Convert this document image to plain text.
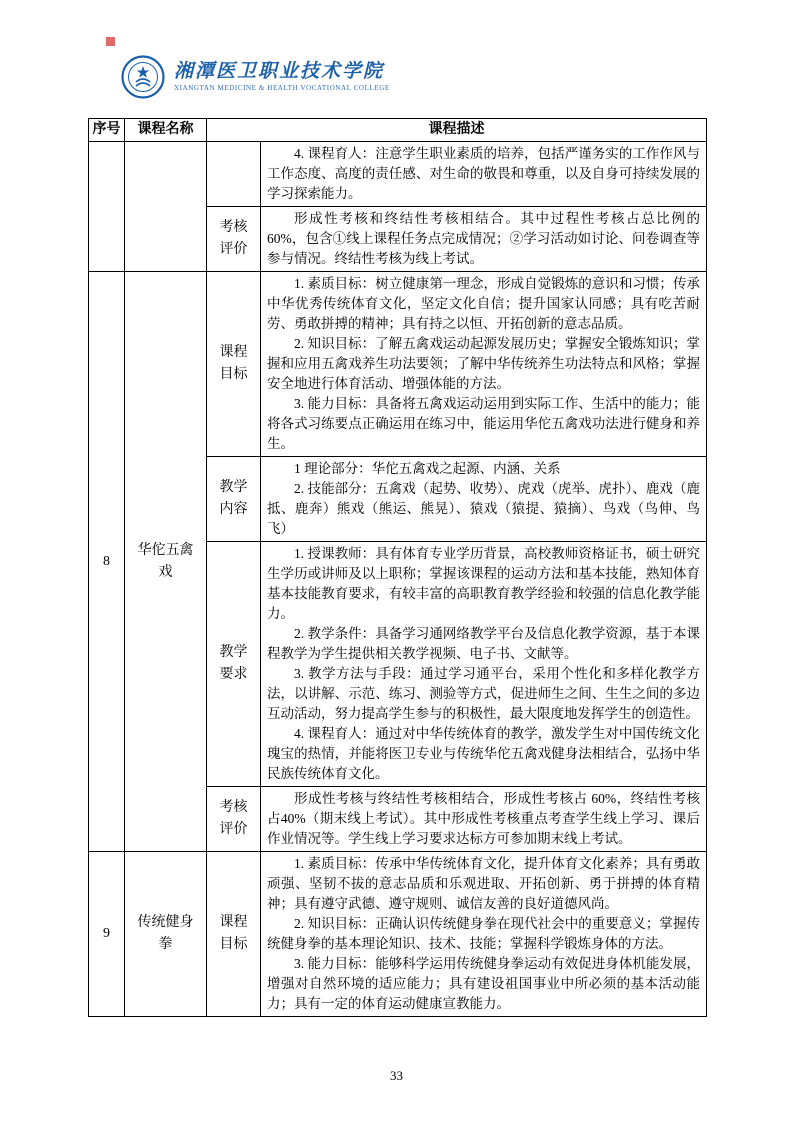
湘潭医卫职业技术学院
XIANGTAN MEDICINE & HEALTH VOCATIONAL COLLEGE
序号	课程名称	课程描述	

			4. 课程育人：注意学生职业素质的培养，包括严谨务实的工作作风与工作态度、高度的责任感、对生命的敬畏和尊重，以及自身可持续发展的学习探索能力。

		考核评价	形成性考核和终结性考核相结合。其中过程性考核占总比例的 60%，包含①线上课程任务点完成情况；②学习活动如讨论、问卷调查等参与情况。终结性考核为线上考试。

8	华佗五禽戏	课程目标	1. 素质目标：树立健康第一理念，形成自觉锻炼的意识和习惯；传承中华优秀传统体育文化，坚定文化自信；提升国家认同感；具有吃苦耐劳、勇敢拼搏的精神；具有持之以恒、开拓创新的意志品质。

2. 知识目标：了解五禽戏运动起源发展历史；掌握安全锻炼知识；掌握和应用五禽戏养生功法要领；了解中华传统养生功法特点和风格；掌握安全地进行体育活动、增强体能的方法。

3. 能力目标：具备将五禽戏运动运用到实际工作、生活中的能力；能将各式习练要点正确运用在练习中，能运用华佗五禽戏功法进行健身和养生。

		教学内容	1 理论部分：华佗五禽戏之起源、内涵、关系

2. 技能部分：五禽戏（起势、收势）、虎戏（虎举、虎扑）、鹿戏（鹿抵、鹿奔）熊戏（熊运、熊晃）、猿戏（猿提、猿摘）、鸟戏（鸟伸、鸟飞）

		教学要求	1. 授课教师：具有体育专业学历背景，高校教师资格证书，硕士研究生学历或讲师及以上职称；掌握该课程的运动方法和基本技能，熟知体育基本技能教育要求，有较丰富的高职教育教学经验和较强的信息化教学能力。

2. 教学条件：具备学习通网络教学平台及信息化教学资源，基于本课程教学为学生提供相关教学视频、电子书、文献等。

3. 教学方法与手段：通过学习通平台，采用个性化和多样化教学方法，以讲解、示范、练习、测验等方式，促进师生之间、生生之间的多边互动活动，努力提高学生参与的积极性，最大限度地发挥学生的创造性。

4. 课程育人：通过对中华传统体育的教学，激发学生对中国传统文化瑰宝的热情，并能将医卫专业与传统华佗五禽戏健身法相结合，弘扬中华民族传统体育文化。

		考核评价	形成性考核与终结性考核相结合，形成性考核占 60%，终结性考核占40%（期末线上考试）。其中形成性考核重点考查学生线上学习、课后作业情况等。学生线上学习要求达标方可参加期末线上考试。

9	传统健身拳	课程目标	1. 素质目标：传承中华传统体育文化，提升体育文化素养；具有勇敢顽强、坚韧不拔的意志品质和乐观进取、开拓创新、勇于拼搏的体育精神；具有遵守武德、遵守规则、诚信友善的良好道德风尚。

2. 知识目标：正确认识传统健身拳在现代社会中的重要意义；掌握传统健身拳的基本理论知识、技术、技能；掌握科学锻炼身体的方法。

3. 能力目标：能够科学运用传统健身拳运动有效促进身体机能发展，增强对自然环境的适应能力；具有建设祖国事业中所必须的基本活动能力；具有一定的体育运动健康宣教能力。

33
